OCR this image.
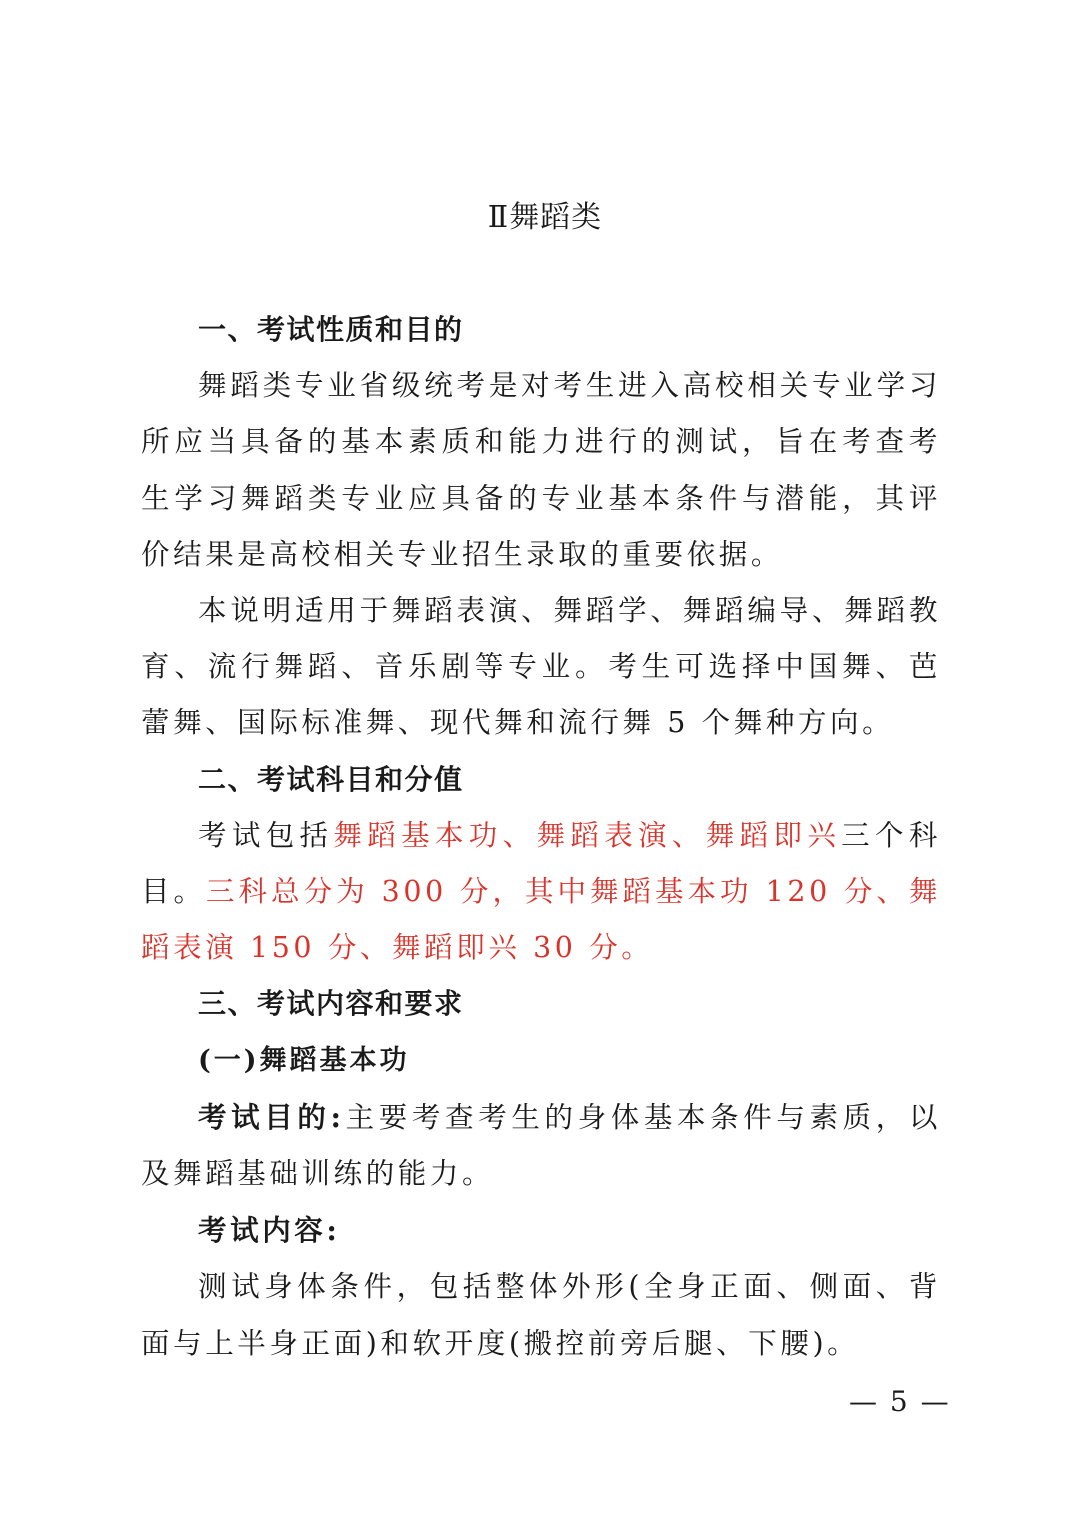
Ⅱ舞蹈类

一、考试性质和目的

舞蹈类专业省级统考是对考生进入高校相关专业学习所应当具备的基本素质和能力进行的测试，旨在考查考生学习舞蹈类专业应具备的专业基本条件与潜能，其评价结果是高校相关专业招生录取的重要依据。

本说明适用于舞蹈表演、舞蹈学、舞蹈编导、舞蹈教育、流行舞蹈、音乐剧等专业。考生可选择中国舞、芭蕾舞、国际标准舞、现代舞和流行舞 5 个舞种方向。

二、考试科目和分值

考试包括舞蹈基本功、舞蹈表演、舞蹈即兴三个科目。三科总分为 300 分，其中舞蹈基本功 120 分、舞蹈表演 150 分、舞蹈即兴 30 分。

三、考试内容和要求

(一)舞蹈基本功

考试目的:主要考查考生的身体基本条件与素质，以及舞蹈基础训练的能力。

考试内容:

测试身体条件，包括整体外形(全身正面、侧面、背面与上半身正面)和软开度(搬控前旁后腿、下腰)。

— 5 —
